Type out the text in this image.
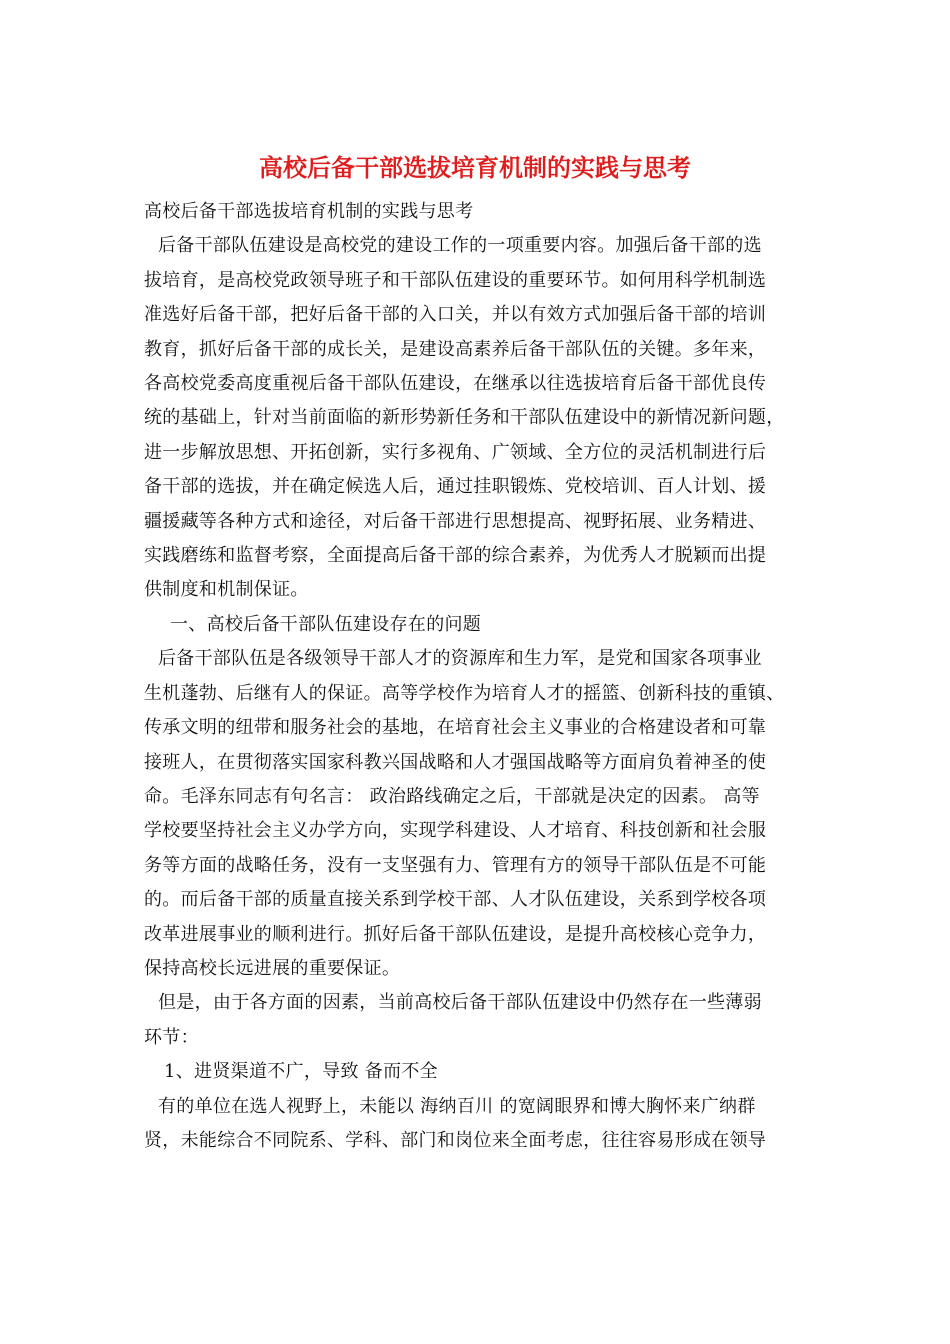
高校后备干部选拔培育机制的实践与思考

高校后备干部选拔培育机制的实践与思考

后备干部队伍建设是高校党的建设工作的一项重要内容。加强后备干部的选

拔培育，是高校党政领导班子和干部队伍建设的重要环节。如何用科学机制选

准选好后备干部，把好后备干部的入口关，并以有效方式加强后备干部的培训

教育，抓好后备干部的成长关，是建设高素养后备干部队伍的关键。多年来，

各高校党委高度重视后备干部队伍建设，在继承以往选拔培育后备干部优良传

统的基础上，针对当前面临的新形势新任务和干部队伍建设中的新情况新问题，

进一步解放思想、开拓创新，实行多视角、广领域、全方位的灵活机制进行后

备干部的选拔，并在确定候选人后，通过挂职锻炼、党校培训、百人计划、援

疆援藏等各种方式和途径，对后备干部进行思想提高、视野拓展、业务精进、

实践磨练和监督考察，全面提高后备干部的综合素养，为优秀人才脱颖而出提

供制度和机制保证。

一、高校后备干部队伍建设存在的问题

后备干部队伍是各级领导干部人才的资源库和生力军，是党和国家各项事业

生机蓬勃、后继有人的保证。高等学校作为培育人才的摇篮、创新科技的重镇、

传承文明的纽带和服务社会的基地，在培育社会主义事业的合格建设者和可靠

接班人，在贯彻落实国家科教兴国战略和人才强国战略等方面肩负着神圣的使

命。毛泽东同志有句名言： 政治路线确定之后，干部就是决定的因素。 高等

学校要坚持社会主义办学方向，实现学科建设、人才培育、科技创新和社会服

务等方面的战略任务，没有一支坚强有力、管理有方的领导干部队伍是不可能

的。而后备干部的质量直接关系到学校干部、人才队伍建设，关系到学校各项

改革进展事业的顺利进行。抓好后备干部队伍建设，是提升高校核心竞争力，

保持高校长远进展的重要保证。

但是，由于各方面的因素，当前高校后备干部队伍建设中仍然存在一些薄弱

环节：

1、进贤渠道不广，导致 备而不全

有的单位在选人视野上，未能以 海纳百川 的宽阔眼界和博大胸怀来广纳群

贤，未能综合不同院系、学科、部门和岗位来全面考虑，往往容易形成在领导
